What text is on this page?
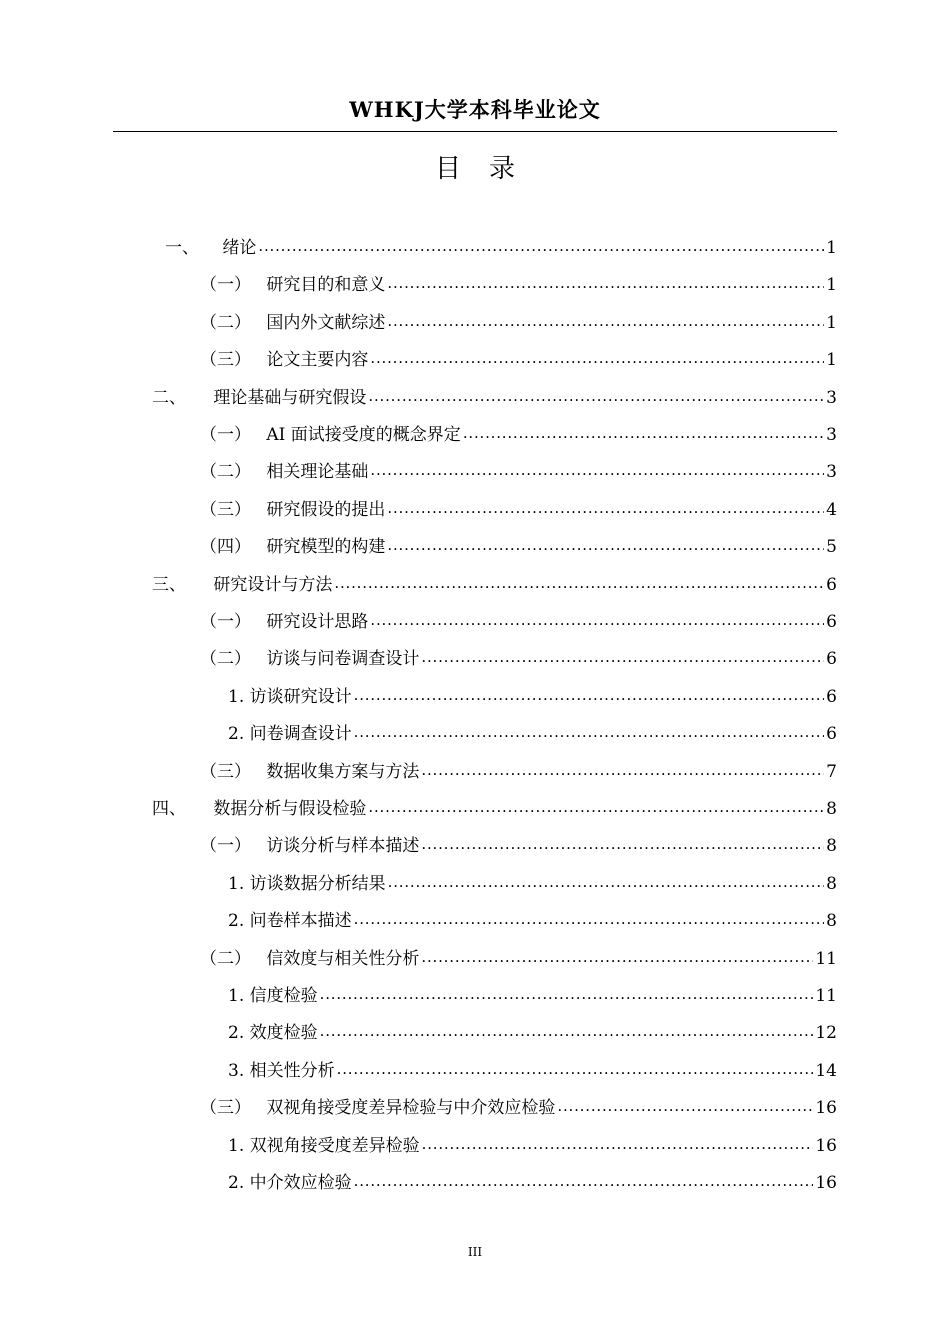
WHKJ大学本科毕业论文
目录
一、 绪论 .....	1
（一） 研究目的和意义 .....	1
（二） 国内外文献综述 .....	1
（三） 论文主要内容 .....	1
二、 理论基础与研究假设 .....	3
（一） AI 面试接受度的概念界定 .....	3
（二） 相关理论基础 .....	3
（三） 研究假设的提出 .....	4
（四） 研究模型的构建 .....	5
三、 研究设计与方法 .....	6
（一） 研究设计思路 .....	6
（二） 访谈与问卷调查设计 .....	6
1. 访谈研究设计 .....	6
2. 问卷调查设计 .....	6
（三） 数据收集方案与方法 .....	7
四、 数据分析与假设检验 .....	8
（一） 访谈分析与样本描述 .....	8
1. 访谈数据分析结果 .....	8
2. 问卷样本描述 .....	8
（二） 信效度与相关性分析 .....	11
1. 信度检验 .....	11
2. 效度检验 .....	12
3. 相关性分析 .....	14
（三） 双视角接受度差异检验与中介效应检验 .....	16
1. 双视角接受度差异检验 .....	16
2. 中介效应检验 .....	16
III
